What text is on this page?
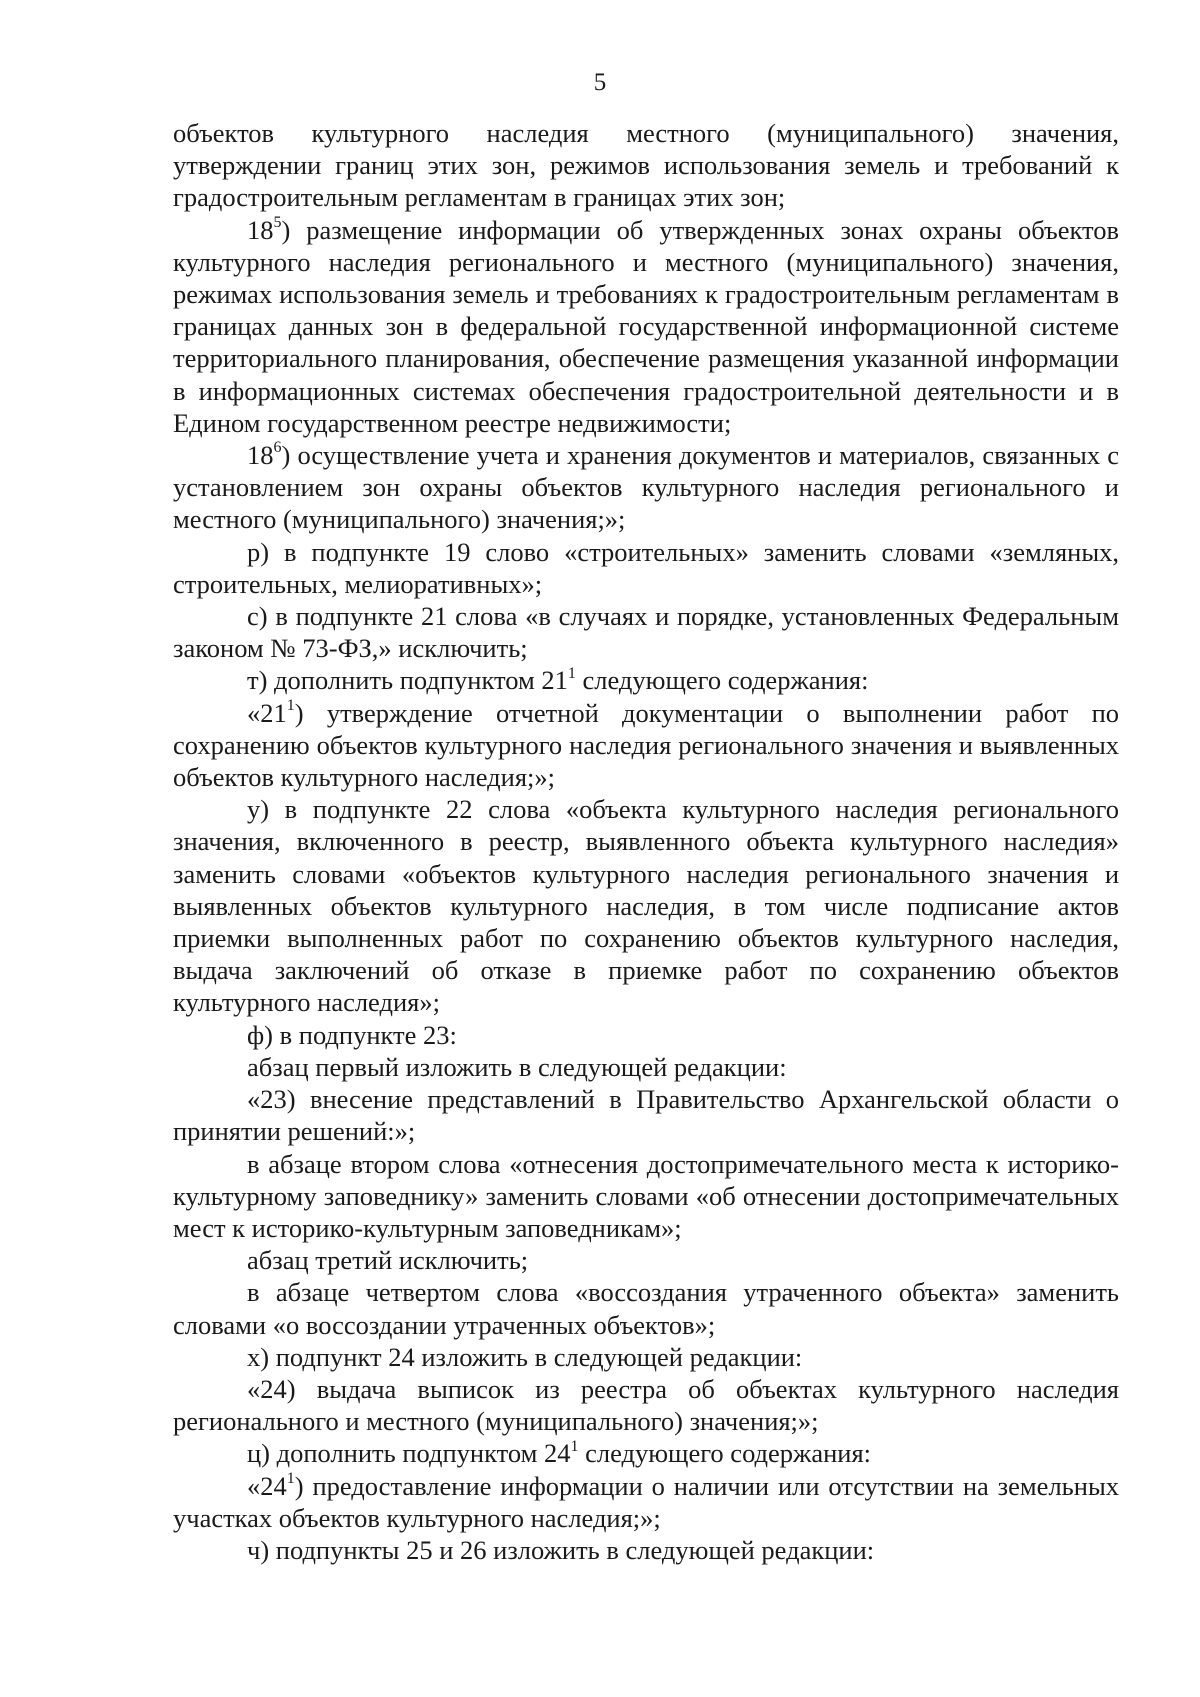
5

объектов культурного наследия местного (муниципального) значения, утверждении границ этих зон, режимов использования земель и требований к градостроительным регламентам в границах этих зон;

$18^5$) размещение информации об утвержденных зонах охраны объектов культурного наследия регионального и местного (муниципального) значения, режимах использования земель и требованиях к градостроительным регламентам в границах данных зон в федеральной государственной информационной системе территориального планирования, обеспечение размещения указанной информации в информационных системах обеспечения градостроительной деятельности и в Едином государственном реестре недвижимости;

$18^6$) осуществление учета и хранения документов и материалов, связанных с установлением зон охраны объектов культурного наследия регионального и местного (муниципального) значения;»;

р) в подпункте 19 слово «строительных» заменить словами «земляных, строительных, мелиоративных»;

с) в подпункте 21 слова «в случаях и порядке, установленных Федеральным законом № 73-ФЗ,» исключить;

т) дополнить подпунктом $21^1$ следующего содержания:

«$21^1$) утверждение отчетной документации о выполнении работ по сохранению объектов культурного наследия регионального значения и выявленных объектов культурного наследия;»;

у) в подпункте 22 слова «объекта культурного наследия регионального значения, включенного в реестр, выявленного объекта культурного наследия» заменить словами «объектов культурного наследия регионального значения и выявленных объектов культурного наследия, в том числе подписание актов приемки выполненных работ по сохранению объектов культурного наследия, выдача заключений об отказе в приемке работ по сохранению объектов культурного наследия»;

ф) в подпункте 23:

абзац первый изложить в следующей редакции:

«23) внесение представлений в Правительство Архангельской области о принятии решений:»;

в абзаце втором слова «отнесения достопримечательного места к историко-культурному заповеднику» заменить словами «об отнесении достопримечательных мест к историко-культурным заповедникам»;

абзац третий исключить;

в абзаце четвертом слова «воссоздания утраченного объекта» заменить словами «о воссоздании утраченных объектов»;

х) подпункт 24 изложить в следующей редакции:

«24) выдача выписок из реестра об объектах культурного наследия регионального и местного (муниципального) значения;»;

ц) дополнить подпунктом $24^1$ следующего содержания:

«$24^1$) предоставление информации о наличии или отсутствии на земельных участках объектов культурного наследия;»;

ч) подпункты 25 и 26 изложить в следующей редакции:
